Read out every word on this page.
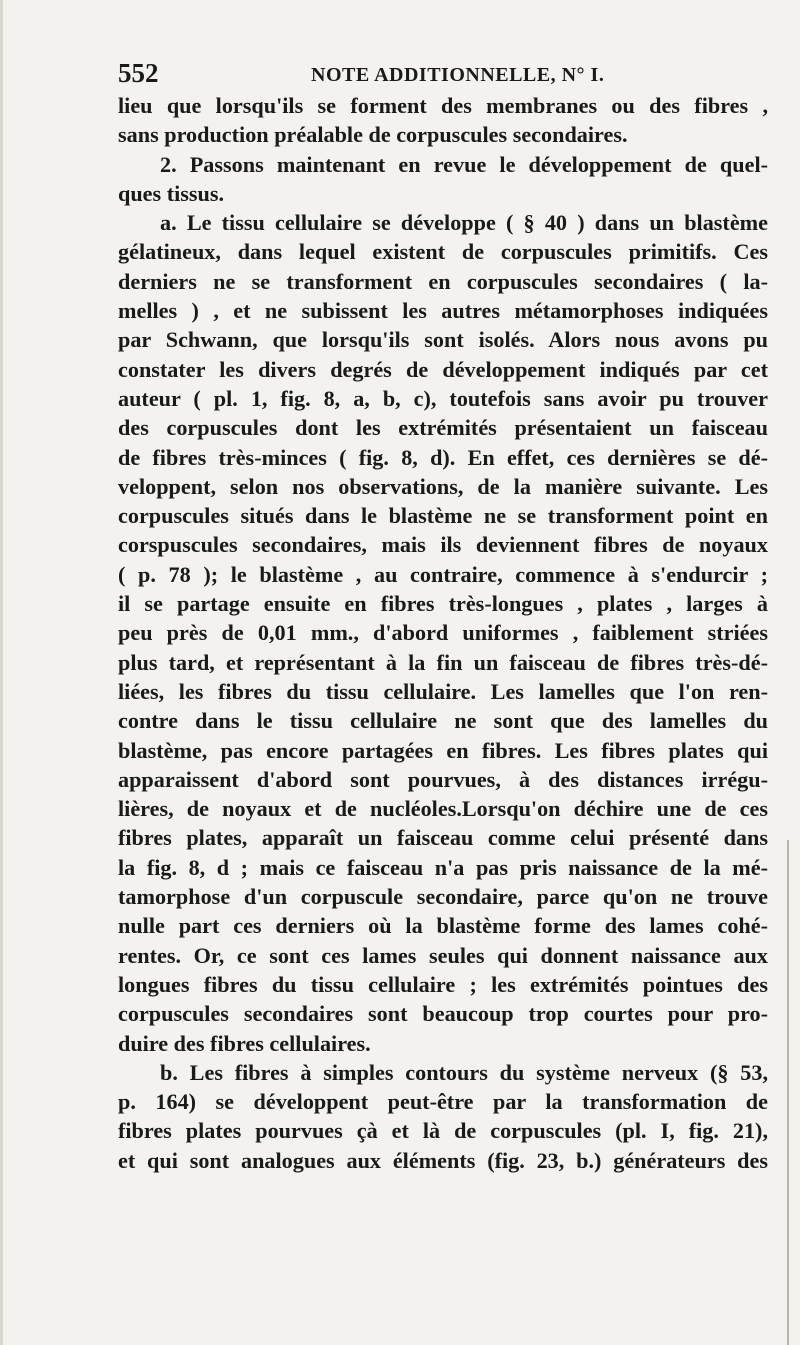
552	NOTE ADDITIONNELLE, N° I.
lieu que lorsqu'ils se forment des membranes ou des fibres ,
sans production préalable de corpuscules secondaires.
2. Passons maintenant en revue le développement de quel-
ques tissus.
a. Le tissu cellulaire se développe ( § 40 ) dans un blastème
gélatineux, dans lequel existent de corpuscules primitifs. Ces
derniers ne se transforment en corpuscules secondaires ( la-
melles ) , et ne subissent les autres métamorphoses indiquées
par Schwann, que lorsqu'ils sont isolés. Alors nous avons pu
constater les divers degrés de développement indiqués par cet
auteur ( pl. 1, fig. 8, a, b, c), toutefois sans avoir pu trouver
des corpuscules dont les extrémités présentaient un faisceau
de fibres très-minces ( fig. 8, d). En effet, ces dernières se dé-
veloppent, selon nos observations, de la manière suivante. Les
corpuscules situés dans le blastème ne se transforment point en
corspuscules secondaires, mais ils deviennent fibres de noyaux
( p. 78 ); le blastème , au contraire, commence à s'endurcir ;
il se partage ensuite en fibres très-longues , plates , larges à
peu près de 0,01 mm., d'abord uniformes , faiblement striées
plus tard, et représentant à la fin un faisceau de fibres très-dé-
liées, les fibres du tissu cellulaire. Les lamelles que l'on ren-
contre dans le tissu cellulaire ne sont que des lamelles du
blastème, pas encore partagées en fibres. Les fibres plates qui
apparaissent d'abord sont pourvues, à des distances irrégu-
lières, de noyaux et de nucléoles.Lorsqu'on déchire une de ces
fibres plates, apparaît un faisceau comme celui présenté dans
la fig. 8, d ; mais ce faisceau n'a pas pris naissance de la mé-
tamorphose d'un corpuscule secondaire, parce qu'on ne trouve
nulle part ces derniers où la blastème forme des lames cohé-
rentes. Or, ce sont ces lames seules qui donnent naissance aux
longues fibres du tissu cellulaire ; les extrémités pointues des
corpuscules secondaires sont beaucoup trop courtes pour pro-
duire des fibres cellulaires.
b. Les fibres à simples contours du système nerveux (§ 53,
p. 164) se développent peut-être par la transformation de
fibres plates pourvues çà et là de corpuscules (pl. I, fig. 21),
et qui sont analogues aux éléments (fig. 23, b.) générateurs des
